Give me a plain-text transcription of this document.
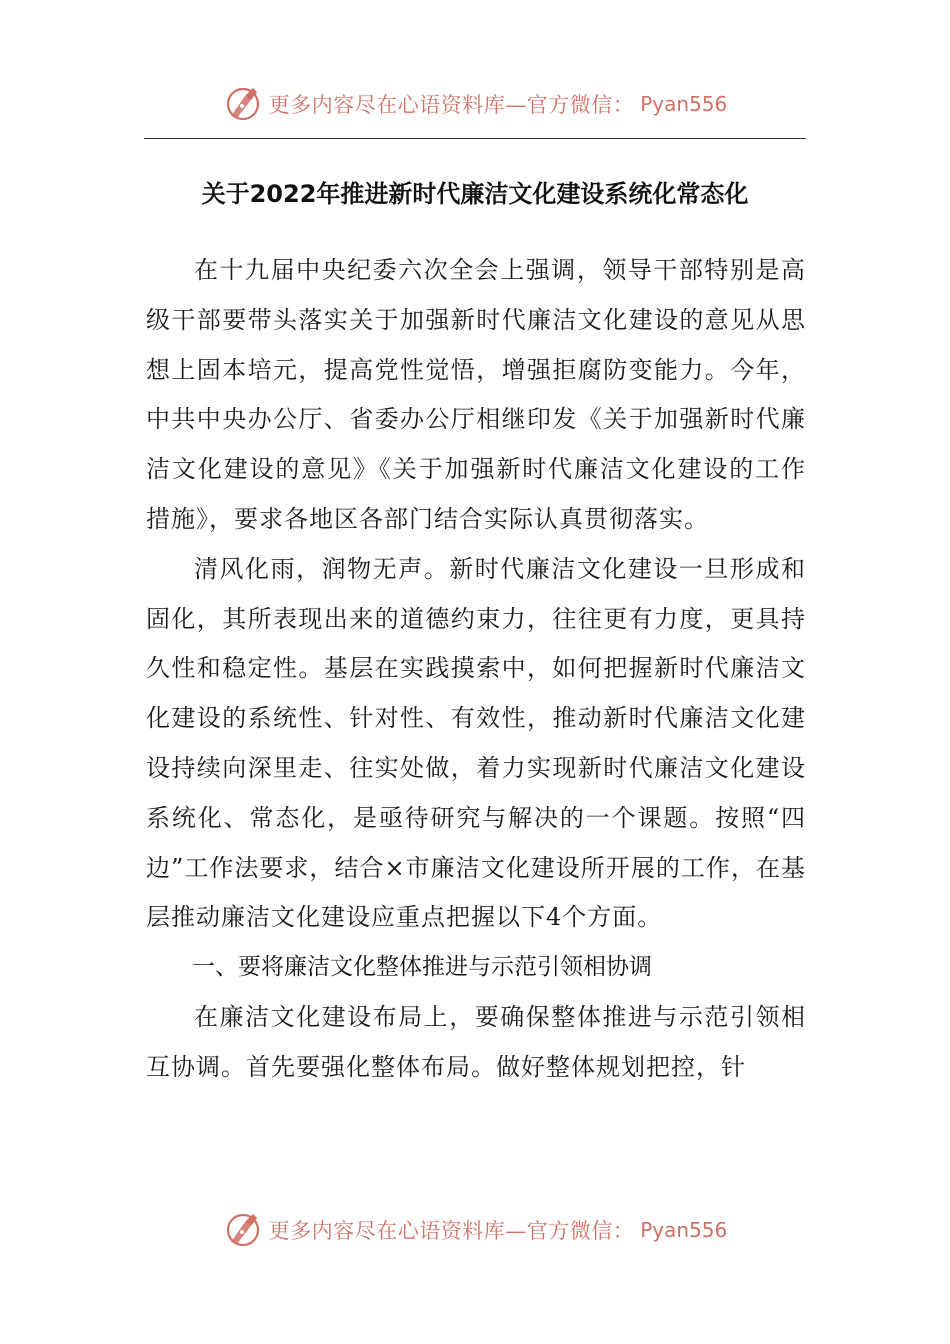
更多内容尽在心语资料库—官方微信： Pyan556
关于2022年推进新时代廉洁文化建设系统化常态化

在十九届中央纪委六次全会上强调，领导干部特别是高级干部要带头落实关于加强新时代廉洁文化建设的意见从思想上固本培元，提高党性觉悟，增强拒腐防变能力。今年，中共中央办公厅、省委办公厅相继印发《关于加强新时代廉洁文化建设的意见》《关于加强新时代廉洁文化建设的工作措施》，要求各地区各部门结合实际认真贯彻落实。

清风化雨，润物无声。新时代廉洁文化建设一旦形成和固化，其所表现出来的道德约束力，往往更有力度，更具持久性和稳定性。基层在实践摸索中，如何把握新时代廉洁文化建设的系统性、针对性、有效性，推动新时代廉洁文化建设持续向深里走、往实处做，着力实现新时代廉洁文化建设系统化、常态化，是亟待研究与解决的一个课题。按照“四边”工作法要求，结合×市廉洁文化建设所开展的工作，在基层推动廉洁文化建设应重点把握以下4个方面。

一、要将廉洁文化整体推进与示范引领相协调

在廉洁文化建设布局上，要确保整体推进与示范引领相互协调。首先要强化整体布局。做好整体规划把控，针

更多内容尽在心语资料库—官方微信： Pyan556
